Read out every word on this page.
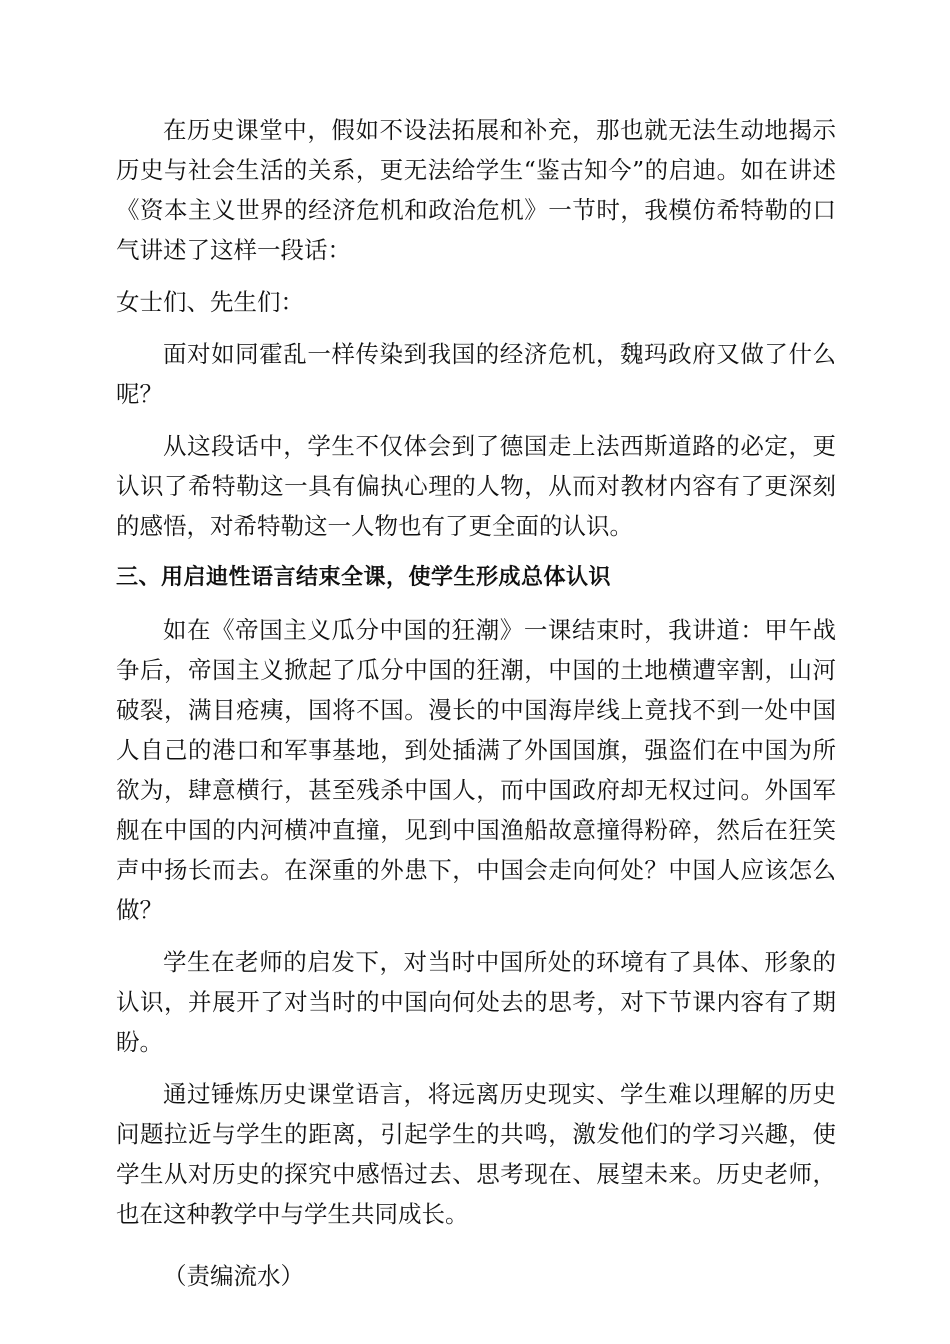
在历史课堂中，假如不设法拓展和补充，那也就无法生动地揭示历史与社会生活的关系，更无法给学生“鉴古知今”的启迪。如在讲述《资本主义世界的经济危机和政治危机》一节时，我模仿希特勒的口气讲述了这样一段话：

女士们、先生们：

面对如同霍乱一样传染到我国的经济危机，魏玛政府又做了什么呢？

从这段话中，学生不仅体会到了德国走上法西斯道路的必定，更认识了希特勒这一具有偏执心理的人物，从而对教材内容有了更深刻的感悟，对希特勒这一人物也有了更全面的认识。

三、用启迪性语言结束全课，使学生形成总体认识

如在《帝国主义瓜分中国的狂潮》一课结束时，我讲道：甲午战争后，帝国主义掀起了瓜分中国的狂潮，中国的土地横遭宰割，山河破裂，满目疮痍，国将不国。漫长的中国海岸线上竟找不到一处中国人自己的港口和军事基地，到处插满了外国国旗，强盗们在中国为所欲为，肆意横行，甚至残杀中国人，而中国政府却无权过问。外国军舰在中国的内河横冲直撞，见到中国渔船故意撞得粉碎，然后在狂笑声中扬长而去。在深重的外患下，中国会走向何处？中国人应该怎么做？

学生在老师的启发下，对当时中国所处的环境有了具体、形象的认识，并展开了对当时的中国向何处去的思考，对下节课内容有了期盼。

通过锤炼历史课堂语言，将远离历史现实、学生难以理解的历史问题拉近与学生的距离，引起学生的共鸣，激发他们的学习兴趣，使学生从对历史的探究中感悟过去、思考现在、展望未来。历史老师，也在这种教学中与学生共同成长。

（责编流水）
